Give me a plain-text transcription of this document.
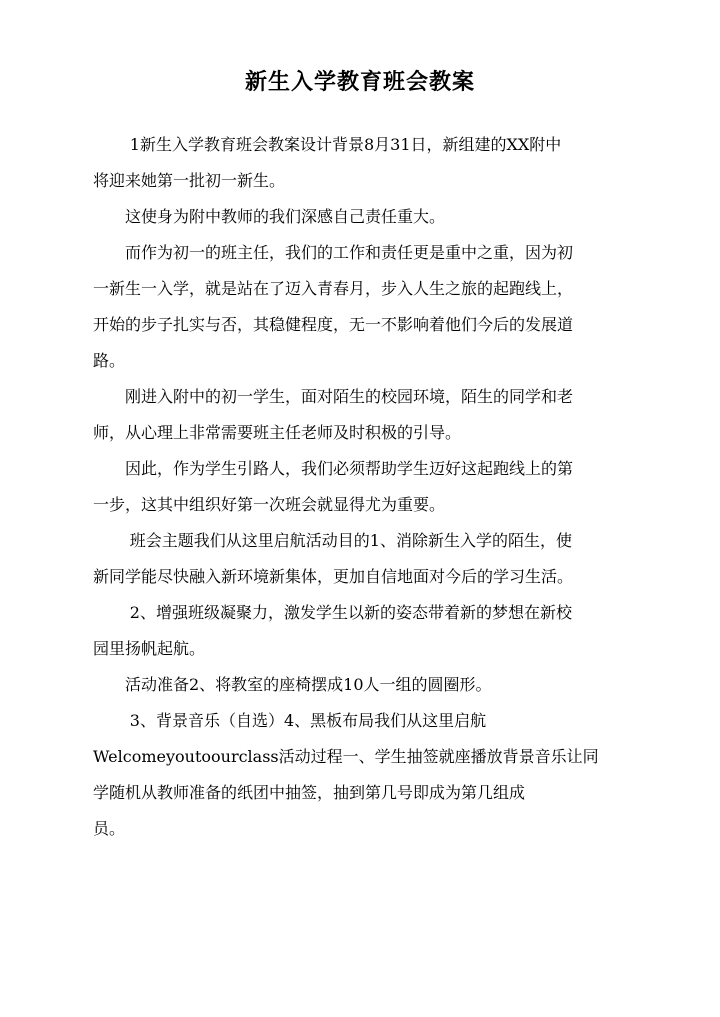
新生入学教育班会教案

1新生入学教育班会教案设计背景8月31日，新组建的XX附中
将迎来她第一批初一新生。

这使身为附中教师的我们深感自己责任重大。

而作为初一的班主任，我们的工作和责任更是重中之重，因为初
一新生一入学，就是站在了迈入青春月，步入人生之旅的起跑线上，
开始的步子扎实与否，其稳健程度，无一不影响着他们今后的发展道
路。

刚进入附中的初一学生，面对陌生的校园环境，陌生的同学和老
师，从心理上非常需要班主任老师及时积极的引导。

因此，作为学生引路人，我们必须帮助学生迈好这起跑线上的第
一步，这其中组织好第一次班会就显得尤为重要。

班会主题我们从这里启航活动目的1、消除新生入学的陌生，使
新同学能尽快融入新环境新集体，更加自信地面对今后的学习生活。

2、增强班级凝聚力，激发学生以新的姿态带着新的梦想在新校
园里扬帆起航。

活动准备2、将教室的座椅摆成10人一组的圆圈形。

3、背景音乐（自选）4、黑板布局我们从这里启航
Welcomeyoutoourclass活动过程一、学生抽签就座播放背景音乐让同
学随机从教师准备的纸团中抽签，抽到第几号即成为第几组成
员。
